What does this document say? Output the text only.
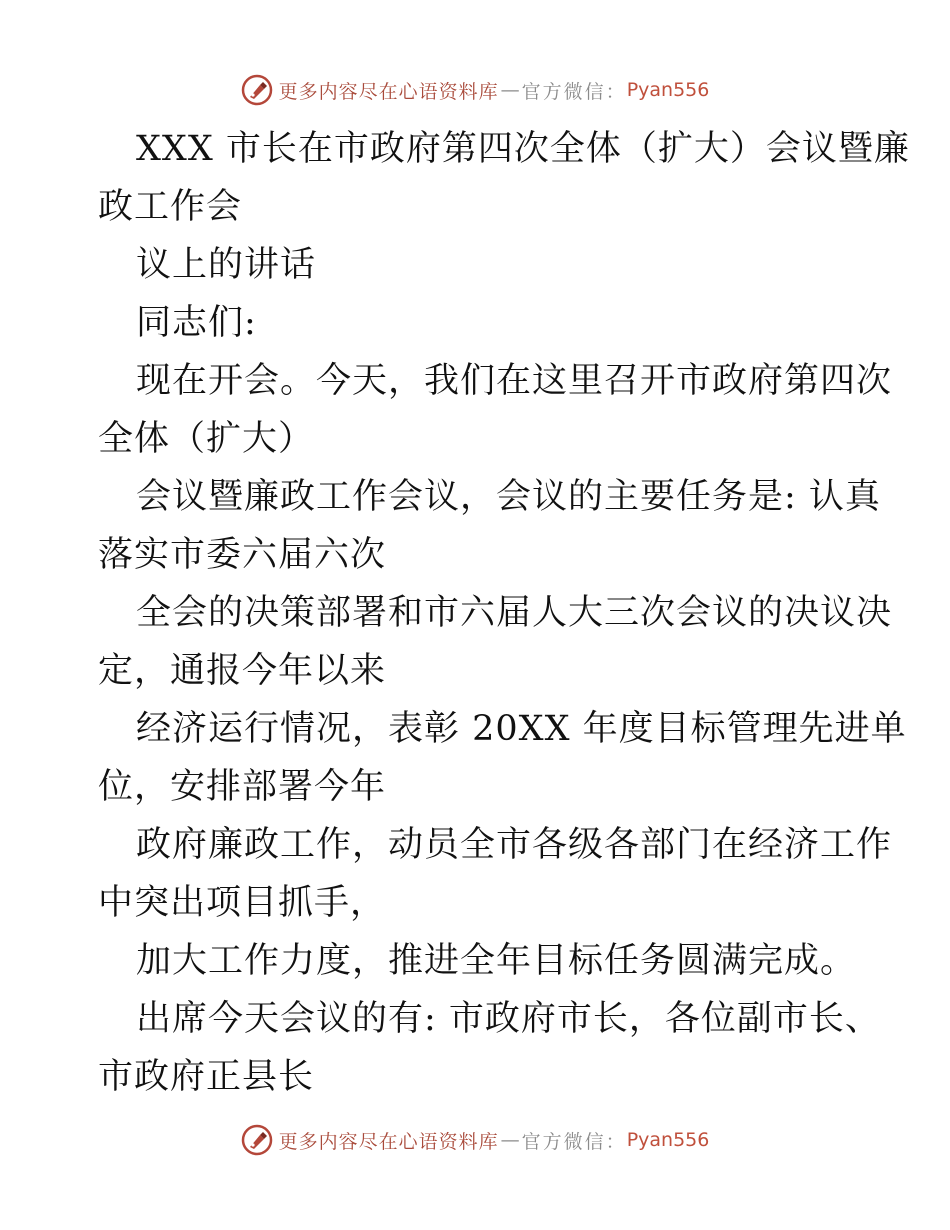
更多内容尽在心语资料库 — 官方微信： Pyan556
XXX 市长在市政府第四次全体（扩大）会议暨廉
政工作会
议上的讲话
同志们:
现在开会。今天，我们在这里召开市政府第四次
全体（扩大）
会议暨廉政工作会议，会议的主要任务是: 认真
落实市委六届六次
全会的决策部署和市六届人大三次会议的决议决
定，通报今年以来
经济运行情况，表彰 20XX 年度目标管理先进单
位，安排部署今年
政府廉政工作，动员全市各级各部门在经济工作
中突出项目抓手，
加大工作力度，推进全年目标任务圆满完成。
出席今天会议的有: 市政府市长，各位副市长、
市政府正县长
更多内容尽在心语资料库 — 官方微信： Pyan556
